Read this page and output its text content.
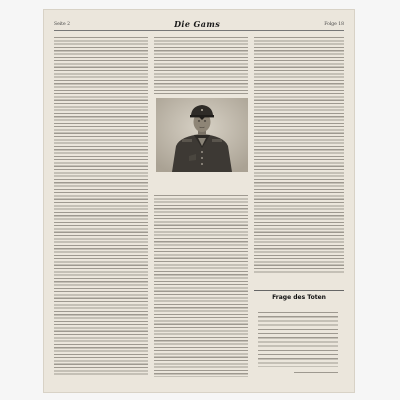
Seite 2	Die Gams	Folge 18
Frage des Toten
